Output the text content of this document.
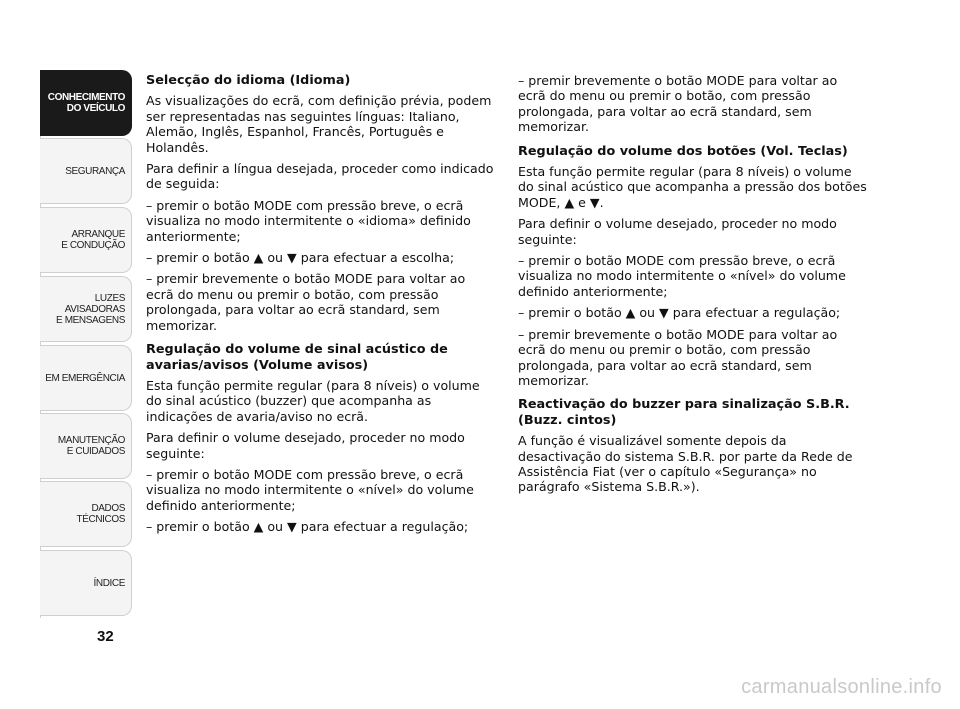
CONHECIMENTO
DO VEÍCULO
SEGURANÇA
ARRANQUE
E CONDUÇÃO
LUZES
AVISADORAS
E MENSAGENS
EM EMERGÊNCIA
MANUTENÇÃO
E CUIDADOS
DADOS
TÉCNICOS
ÍNDICE
32
Selecção do idioma (Idioma)

As visualizações do ecrã, com definição prévia, podem ser representadas nas seguintes línguas: Italiano, Alemão, Inglês, Espanhol, Francês, Português e Holandês.

Para definir a língua desejada, proceder como indicado de seguida:

– premir o botão MODE com pressão breve, o ecrã visualiza no modo intermitente o «idioma» definido anteriormente;

– premir o botão ▲ ou ▼ para efectuar a escolha;

– premir brevemente o botão MODE para voltar ao ecrã do menu ou premir o botão, com pressão prolongada, para voltar ao ecrã standard, sem memorizar.

Regulação do volume de sinal acústico de avarias/avisos (Volume avisos)

Esta função permite regular (para 8 níveis) o volume do sinal acústico (buzzer) que acompanha as indicações de avaria/aviso no ecrã.

Para definir o volume desejado, proceder no modo seguinte:

– premir o botão MODE com pressão breve, o ecrã visualiza no modo intermitente o «nível» do volume definido anteriormente;

– premir o botão ▲ ou ▼ para efectuar a regulação;

– premir brevemente o botão MODE para voltar ao ecrã do menu ou premir o botão, com pressão prolongada, para voltar ao ecrã standard, sem memorizar.

Regulação do volume dos botões (Vol. Teclas)

Esta função permite regular (para 8 níveis) o volume do sinal acústico que acompanha a pressão dos botões MODE, ▲ e ▼.

Para definir o volume desejado, proceder no modo seguinte:

– premir o botão MODE com pressão breve, o ecrã visualiza no modo intermitente o «nível» do volume definido anteriormente;

– premir o botão ▲ ou ▼ para efectuar a regulação;

– premir brevemente o botão MODE para voltar ao ecrã do menu ou premir o botão, com pressão prolongada, para voltar ao ecrã standard, sem memorizar.

Reactivação do buzzer para sinalização S.B.R. (Buzz. cintos)

A função é visualizável somente depois da desactivação do sistema S.B.R. por parte da Rede de Assistência Fiat (ver o capítulo «Segurança» no parágrafo «Sistema S.B.R.»).

carmanualsonline.info
